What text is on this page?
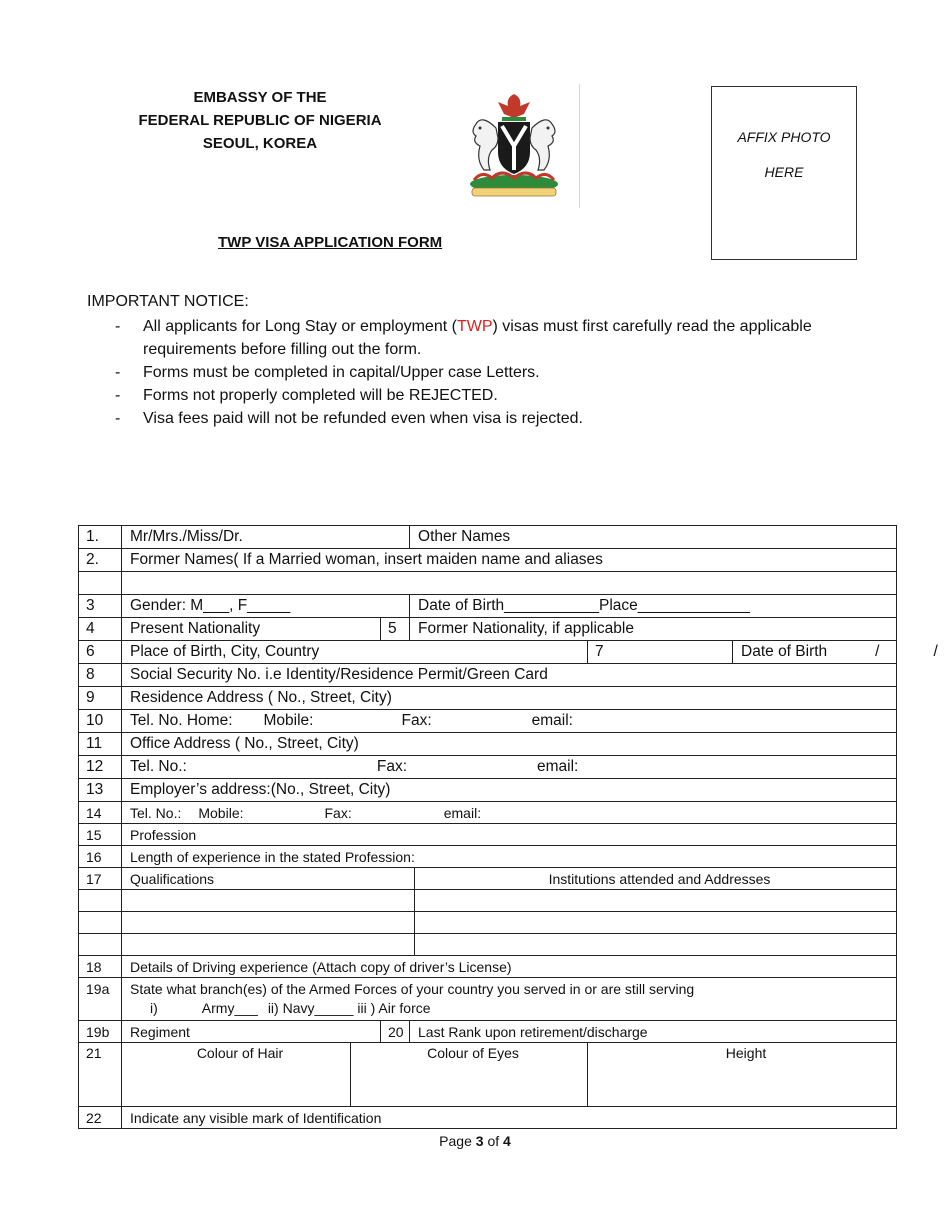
EMBASSY OF THE
FEDERAL REPUBLIC OF NIGERIA
SEOUL, KOREA	AFFIX PHOTO
HERE
TWP VISA APPLICATION FORM
IMPORTANT NOTICE:
- All applicants for Long Stay or employment (TWP) visas must first carefully read the applicable requirements before filling out the form.
- Forms must be completed in capital/Upper case Letters.
- Forms not properly completed will be REJECTED.
- Visa fees paid will not be refunded even when visa is rejected.
1.	Mr/Mrs./Miss/Dr.			Other Names			
2.	Former Names( If a Married woman, insert maiden name and aliases						

3	Gender: M___, F_____			Date of Birth___________Place_____________			
4	Present Nationality		5	Former Nationality, if applicable			
6	Place of Birth, City, Country					7	Date of Birth / /
8	Social Security No. i.e Identity/Residence Permit/Green Card						
9	Residence Address ( No., Street, City)						
10	Tel. No. Home: Mobile: Fax: email:						
11	Office Address ( No., Street, City)						
12	Tel. No.: Fax: email:						
13	Employer’s address:(No., Street, City)						
14	Tel. No.: Mobile: Fax: email:						
15	Profession						
16	Length of experience in the stated Profession:						
17	Qualifications				Institutions attended and Addresses		

18	Details of Driving experience (Attach copy of driver’s License)						
19a	State what branch(es) of the Armed Forces of your country you served in or are still serving
i) Army___ ii) Navy_____ iii ) Air force						

19b	Regiment		20	Last Rank upon retirement/discharge			
21	Colour of Hair	Colour of Eyes				Height	
22	Indicate any visible mark of Identification						
Page 3 of 4
